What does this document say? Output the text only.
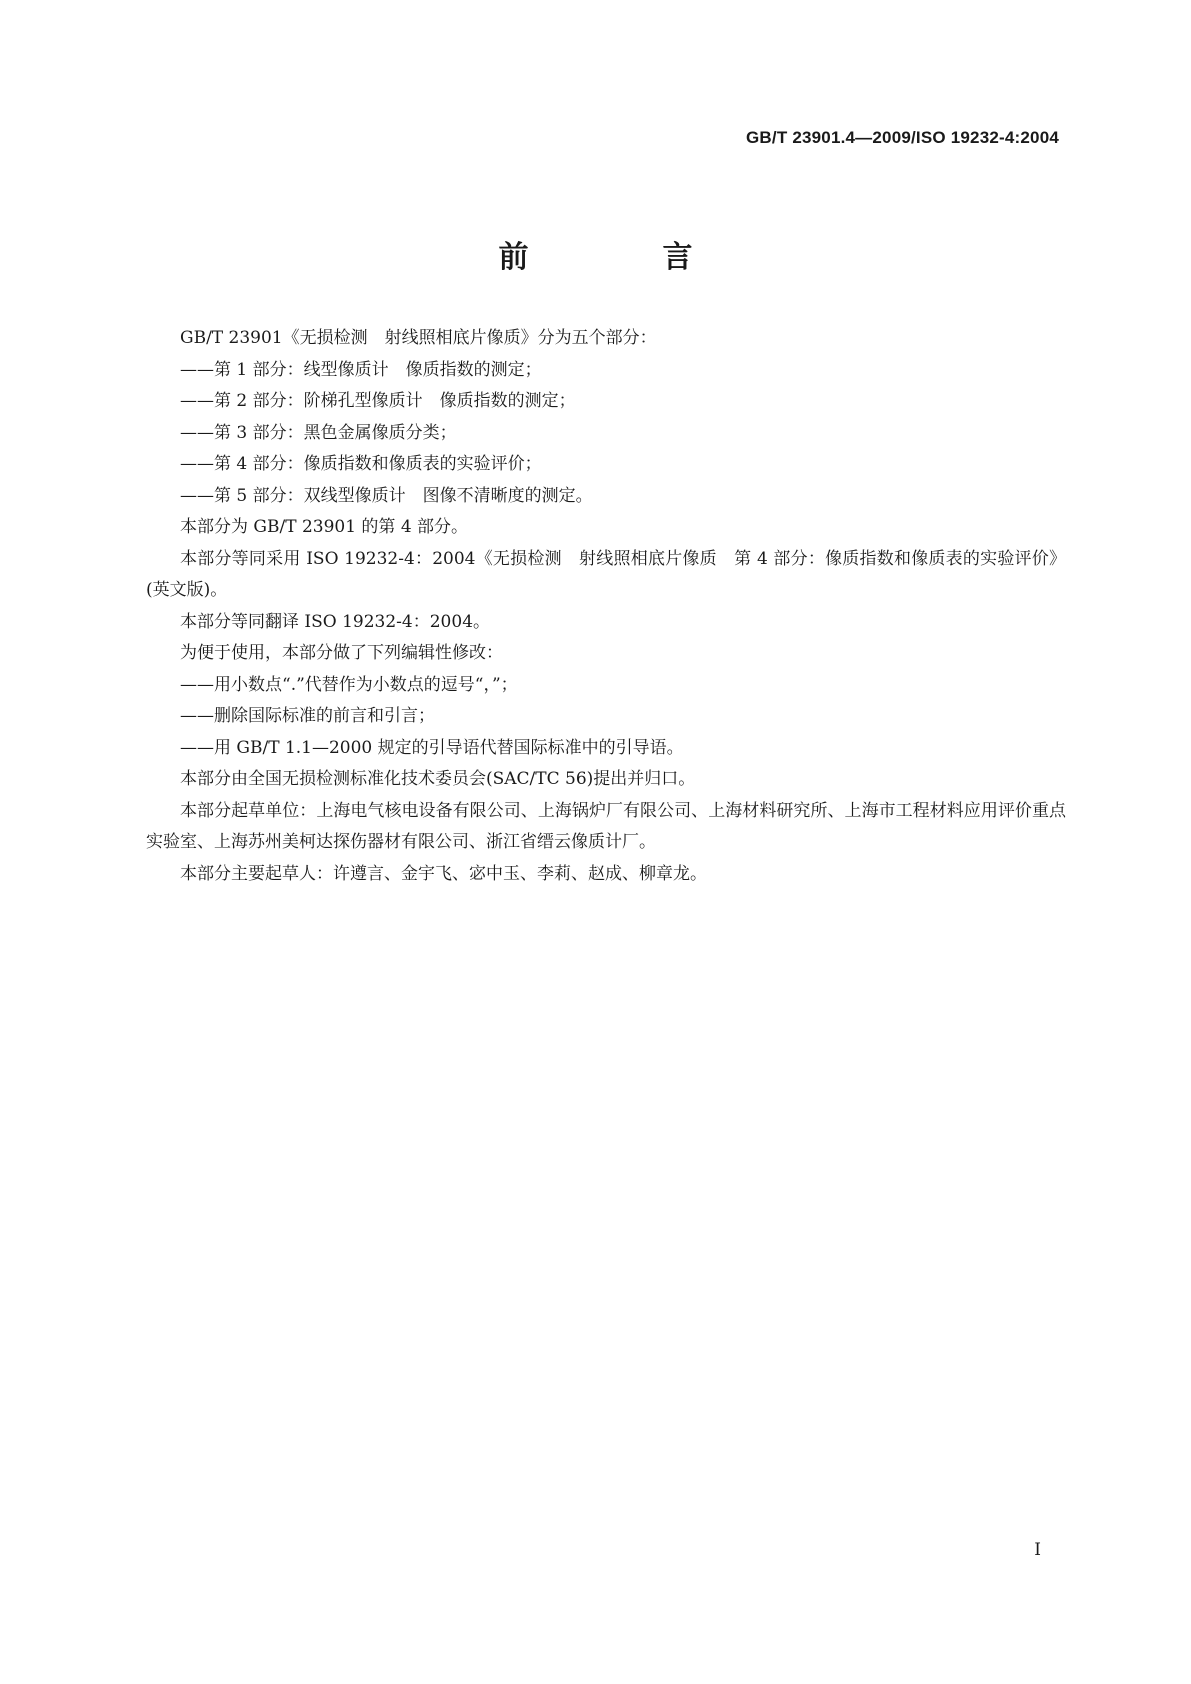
GB/T 23901.4—2009/ISO 19232-4:2004
前　言

GB/T 23901《无损检测　射线照相底片像质》分为五个部分：

——第 1 部分：线型像质计　像质指数的测定；

——第 2 部分：阶梯孔型像质计　像质指数的测定；

——第 3 部分：黑色金属像质分类；

——第 4 部分：像质指数和像质表的实验评价；

——第 5 部分：双线型像质计　图像不清晰度的测定。

本部分为 GB/T 23901 的第 4 部分。

本部分等同采用 ISO 19232-4：2004《无损检测　射线照相底片像质　第 4 部分：像质指数和像质表的实验评价》(英文版)。

本部分等同翻译 ISO 19232-4：2004。

为便于使用，本部分做了下列编辑性修改：

——用小数点“.”代替作为小数点的逗号“，”；

——删除国际标准的前言和引言；

——用 GB/T 1.1—2000 规定的引导语代替国际标准中的引导语。

本部分由全国无损检测标准化技术委员会(SAC/TC 56)提出并归口。

本部分起草单位：上海电气核电设备有限公司、上海锅炉厂有限公司、上海材料研究所、上海市工程材料应用评价重点实验室、上海苏州美柯达探伤器材有限公司、浙江省缙云像质计厂。

本部分主要起草人：许遵言、金宇飞、宓中玉、李莉、赵成、柳章龙。

I
